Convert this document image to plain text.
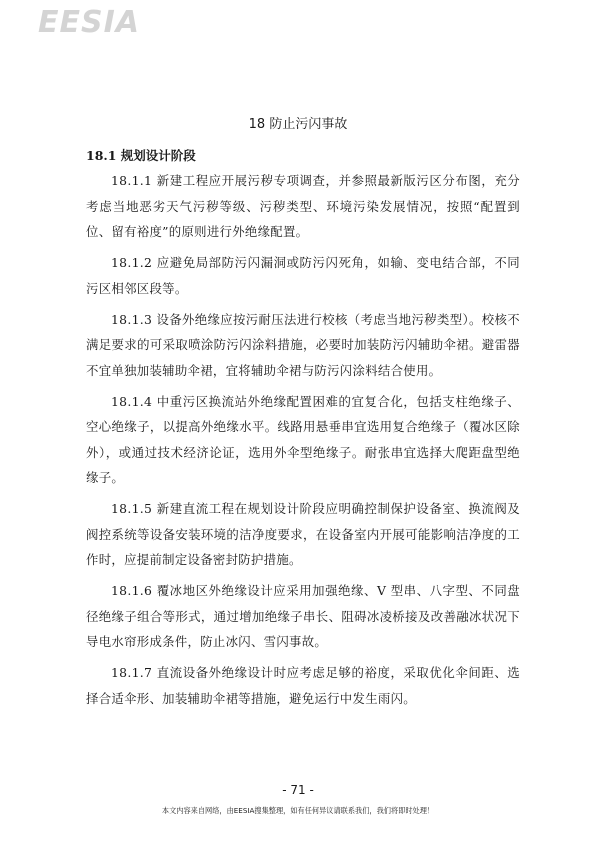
EESIA
18 防止污闪事故
18.1 规划设计阶段

18.1.1 新建工程应开展污秽专项调查，并参照最新版污区分布图，充分考虑当地恶劣天气污秽等级、污秽类型、环境污染发展情况，按照“配置到位、留有裕度”的原则进行外绝缘配置。

18.1.2 应避免局部防污闪漏洞或防污闪死角，如输、变电结合部，不同污区相邻区段等。

18.1.3 设备外绝缘应按污耐压法进行校核（考虑当地污秽类型）。校核不满足要求的可采取喷涂防污闪涂料措施，必要时加装防污闪辅助伞裙。避雷器不宜单独加装辅助伞裙，宜将辅助伞裙与防污闪涂料结合使用。

18.1.4 中重污区换流站外绝缘配置困难的宜复合化，包括支柱绝缘子、空心绝缘子，以提高外绝缘水平。线路用悬垂串宜选用复合绝缘子（覆冰区除外），或通过技术经济论证，选用外伞型绝缘子。耐张串宜选择大爬距盘型绝缘子。

18.1.5 新建直流工程在规划设计阶段应明确控制保护设备室、换流阀及阀控系统等设备安装环境的洁净度要求，在设备室内开展可能影响洁净度的工作时，应提前制定设备密封防护措施。

18.1.6 覆冰地区外绝缘设计应采用加强绝缘、V 型串、八字型、不同盘径绝缘子组合等形式，通过增加绝缘子串长、阻碍冰凌桥接及改善融冰状况下导电水帘形成条件，防止冰闪、雪闪事故。

18.1.7 直流设备外绝缘设计时应考虑足够的裕度，采取优化伞间距、选择合适伞形、加装辅助伞裙等措施，避免运行中发生雨闪。

- 71 -
本文内容来自网络，由EESIA搜集整理，如有任何异议请联系我们，我们将即时处理！
